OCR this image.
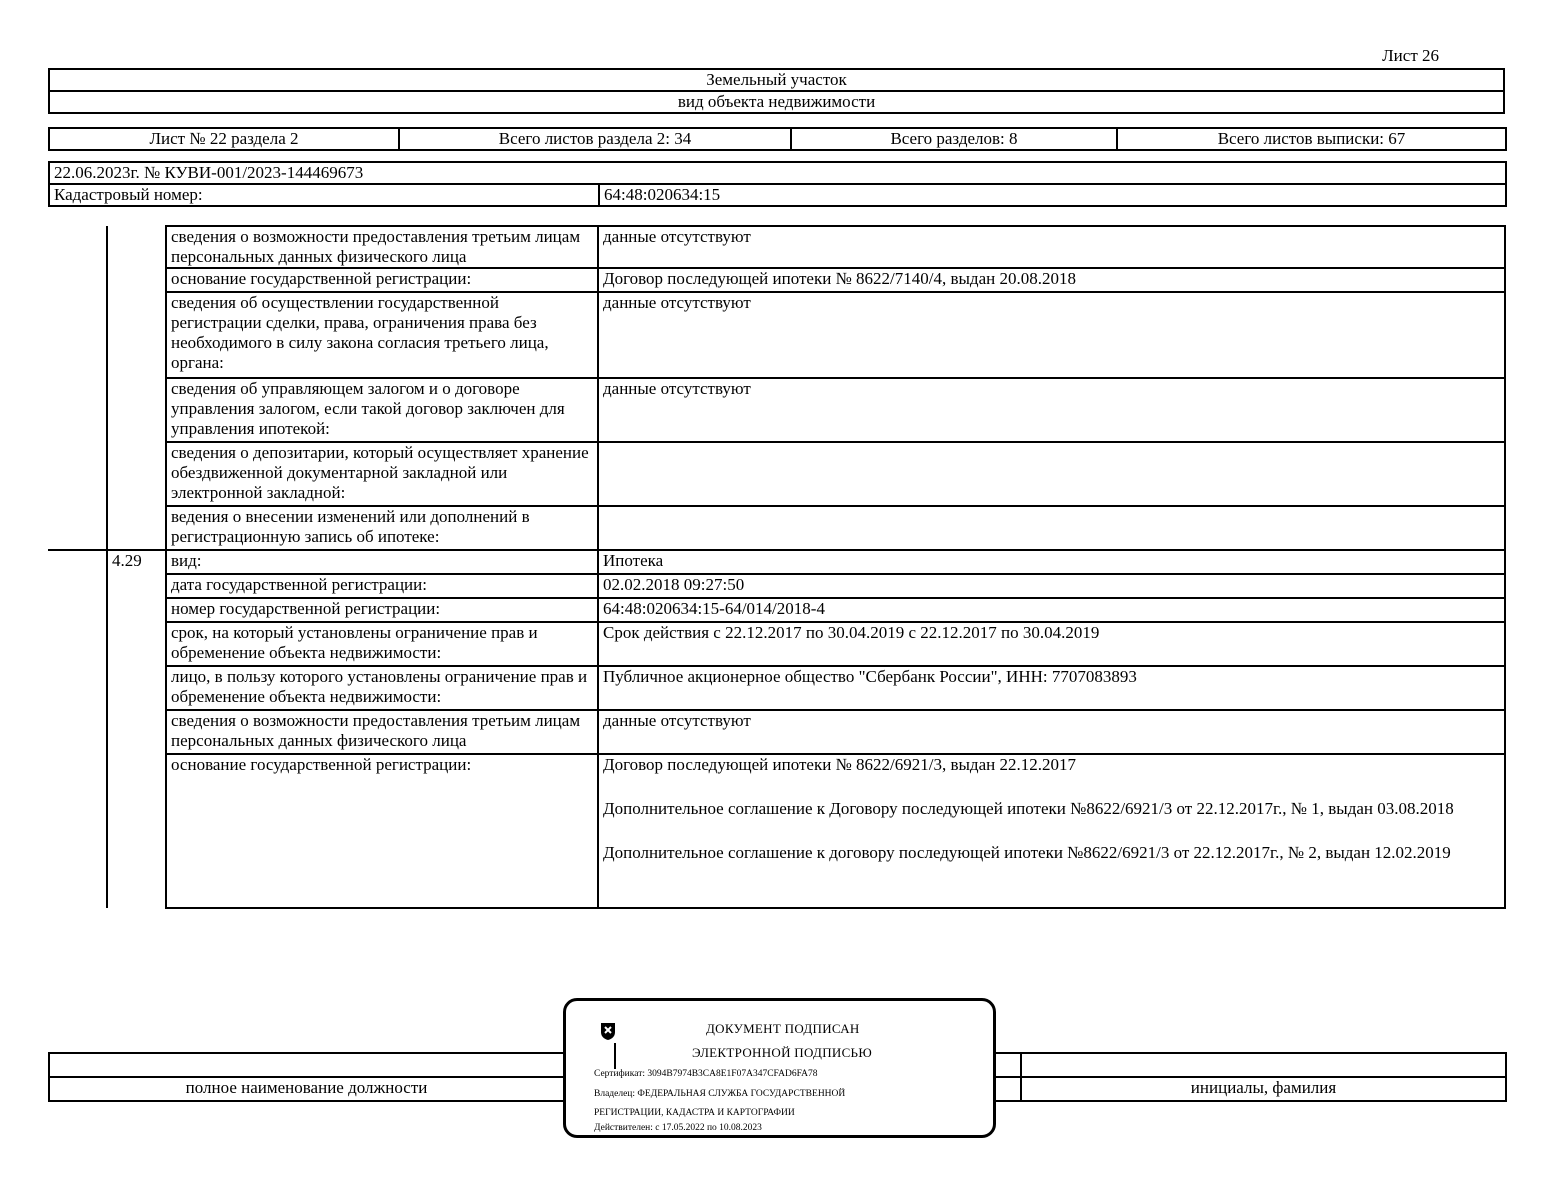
Лист 26
Земельный участок
вид объекта недвижимости
Лист № 22 раздела 2	Всего листов раздела 2: 34	Всего разделов: 8	Всего листов выписки: 67
22.06.2023г. № КУВИ-001/2023-144469673
Кадастровый номер:	64:48:020634:15
		сведения о возможности предоставления третьим лицам персональных данных физического лица	данные отсутствуют
		основание государственной регистрации:	Договор последующей ипотеки № 8622/7140/4, выдан 20.08.2018
		сведения об осуществлении государственной регистрации сделки, права, ограничения права без необходимого в силу закона согласия третьего лица, органа:	данные отсутствуют
		сведения об управляющем залогом и о договоре управления залогом, если такой договор заключен для управления ипотекой:	данные отсутствуют
		сведения о депозитарии, который осуществляет хранение обездвиженной документарной закладной или электронной закладной:	
		ведения о внесении изменений или дополнений в регистрационную запись об ипотеке:	
	4.29	вид:	Ипотека
		дата государственной регистрации:	02.02.2018 09:27:50
		номер государственной регистрации:	64:48:020634:15-64/014/2018-4
		срок, на который установлены ограничение прав и обременение объекта недвижимости:	Срок действия с 22.12.2017 по 30.04.2019 с 22.12.2017 по 30.04.2019
		лицо, в пользу которого установлены ограничение прав и обременение объекта недвижимости:	Публичное акционерное общество "Сбербанк России", ИНН: 7707083893
		сведения о возможности предоставления третьим лицам персональных данных физического лица	данные отсутствуют
		основание государственной регистрации:	Договор последующей ипотеки № 8622/6921/3, выдан 22.12.2017
Дополнительное соглашение к Договору последующей ипотеки №8622/6921/3 от 22.12.2017г., № 1, выдан 03.08.2018
Дополнительное соглашение к договору последующей ипотеки №8622/6921/3 от 22.12.2017г., № 2, выдан 12.02.2019

полное наименование должности		инициалы, фамилия
ДОКУМЕНТ ПОДПИСАН
ЭЛЕКТРОННОЙ ПОДПИСЬЮ
Сертификат: 3094B7974B3CA8E1F07A347CFAD6FA78
Владелец: ФЕДЕРАЛЬНАЯ СЛУЖБА ГОСУДАРСТВЕННОЙ
РЕГИСТРАЦИИ, КАДАСТРА И КАРТОГРАФИИ
Действителен: с 17.05.2022 по 10.08.2023
